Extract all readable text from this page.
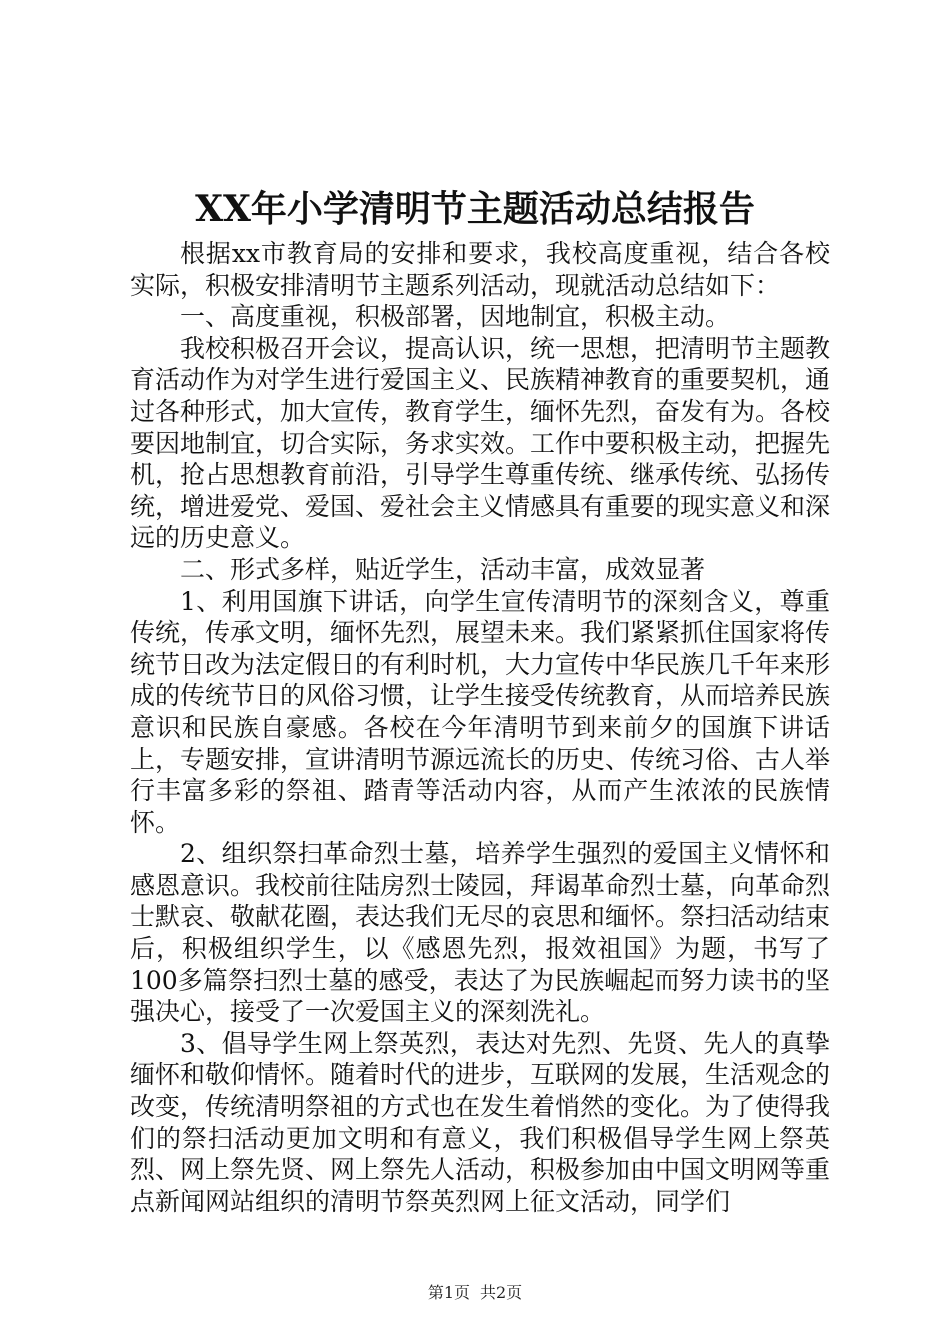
XX年小学清明节主题活动总结报告

根据xx市教育局的安排和要求，我校高度重视，结合各校实际，积极安排清明节主题系列活动，现就活动总结如下：

一、高度重视，积极部署，因地制宜，积极主动。

我校积极召开会议，提高认识，统一思想，把清明节主题教育活动作为对学生进行爱国主义、民族精神教育的重要契机，通过各种形式，加大宣传，教育学生，缅怀先烈，奋发有为。各校要因地制宜，切合实际，务求实效。工作中要积极主动，把握先机，抢占思想教育前沿，引导学生尊重传统、继承传统、弘扬传统，增进爱党、爱国、爱社会主义情感具有重要的现实意义和深远的历史意义。

二、形式多样，贴近学生，活动丰富，成效显著

1、利用国旗下讲话，向学生宣传清明节的深刻含义，尊重传统，传承文明，缅怀先烈，展望未来。我们紧紧抓住国家将传统节日改为法定假日的有利时机，大力宣传中华民族几千年来形成的传统节日的风俗习惯，让学生接受传统教育，从而培养民族意识和民族自豪感。各校在今年清明节到来前夕的国旗下讲话上，专题安排，宣讲清明节源远流长的历史、传统习俗、古人举行丰富多彩的祭祖、踏青等活动内容，从而产生浓浓的民族情怀。

2、组织祭扫革命烈士墓，培养学生强烈的爱国主义情怀和感恩意识。我校前往陆房烈士陵园，拜谒革命烈士墓，向革命烈士默哀、敬献花圈，表达我们无尽的哀思和缅怀。祭扫活动结束后，积极组织学生，以《感恩先烈，报效祖国》为题，书写了100多篇祭扫烈士墓的感受，表达了为民族崛起而努力读书的坚强决心，接受了一次爱国主义的深刻洗礼。

3、倡导学生网上祭英烈，表达对先烈、先贤、先人的真挚缅怀和敬仰情怀。随着时代的进步，互联网的发展，生活观念的改变，传统清明祭祖的方式也在发生着悄然的变化。为了使得我们的祭扫活动更加文明和有意义，我们积极倡导学生网上祭英烈、网上祭先贤、网上祭先人活动，积极参加由中国文明网等重点新闻网站组织的清明节祭英烈网上征文活动，同学们

第1页 共2页
